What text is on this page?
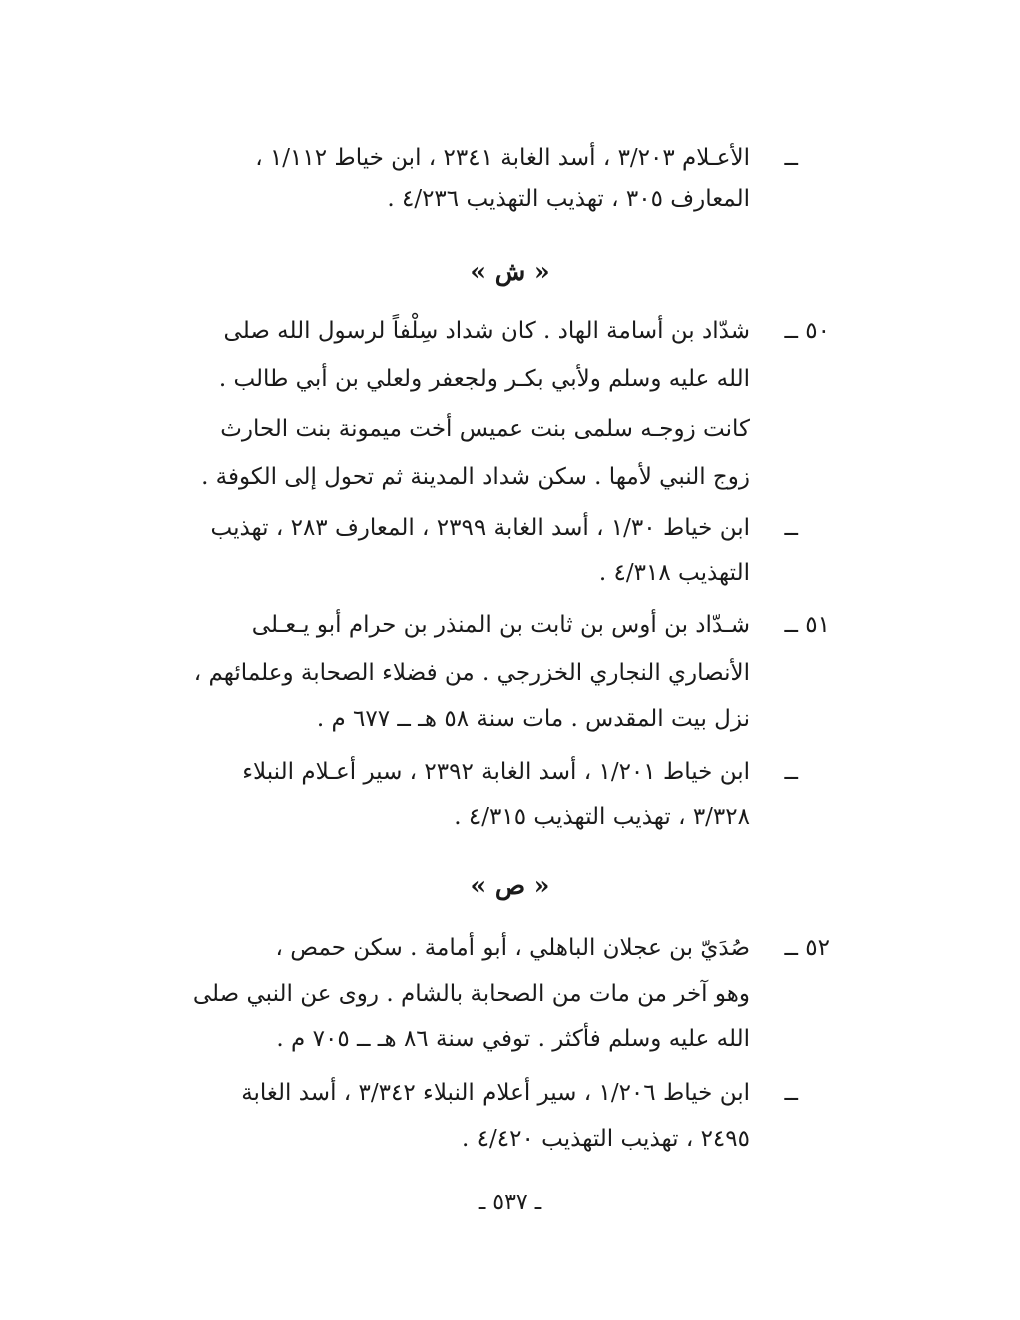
ــ
الأعـلام ٣/٢٠٣ ، أسد الغابة ٢٣٤١ ، ابن خياط ١/١١٢ ،
المعارف ٣٠٥ ، تهذيب التهذيب ٤/٢٣٦ .
« ش »
٥٠
ــ
شدّاد بن أسامة الهاد . كان شداد سِلْفاً لرسول الله صلى
الله عليه وسلم ولأبي بكـر ولجعفر ولعلي بن أبي طالب .
كانت زوجـه سلمى بنت عميس أخت ميمونة بنت الحارث
زوج النبي لأمها . سكن شداد المدينة ثم تحول إلى الكوفة .
ــ
ابن خياط ١/٣٠ ، أسد الغابة ٢٣٩٩ ، المعارف ٢٨٣ ، تهذيب
التهذيب ٤/٣١٨ .
٥١
ــ
شـدّاد بن أوس بن ثابت بن المنذر بن حرام أبو يـعـلى
الأنصاري النجاري الخزرجي . من فضلاء الصحابة وعلمائهم ،
نزل بيت المقدس . مات سنة ٥٨ هـ ــ ٦٧٧ م .
ــ
ابن خياط ١/٢٠١ ، أسد الغابة ٢٣٩٢ ، سير أعـلام النبلاء
٣/٣٢٨ ، تهذيب التهذيب ٤/٣١٥ .
« ص »
٥٢
ــ
صُدَيّ بن عجلان الباهلي ، أبو أمامة . سكن حمص ،
وهو آخر من مات من الصحابة بالشام . روى عن النبي صلى
الله عليه وسلم فأكثر . توفي سنة ٨٦ هـ ــ ٧٠٥ م .
ــ
ابن خياط ١/٢٠٦ ، سير أعلام النبلاء ٣/٣٤٢ ، أسد الغابة
٢٤٩٥ ، تهذيب التهذيب ٤/٤٢٠ .
ـ ٥٣٧ ـ
